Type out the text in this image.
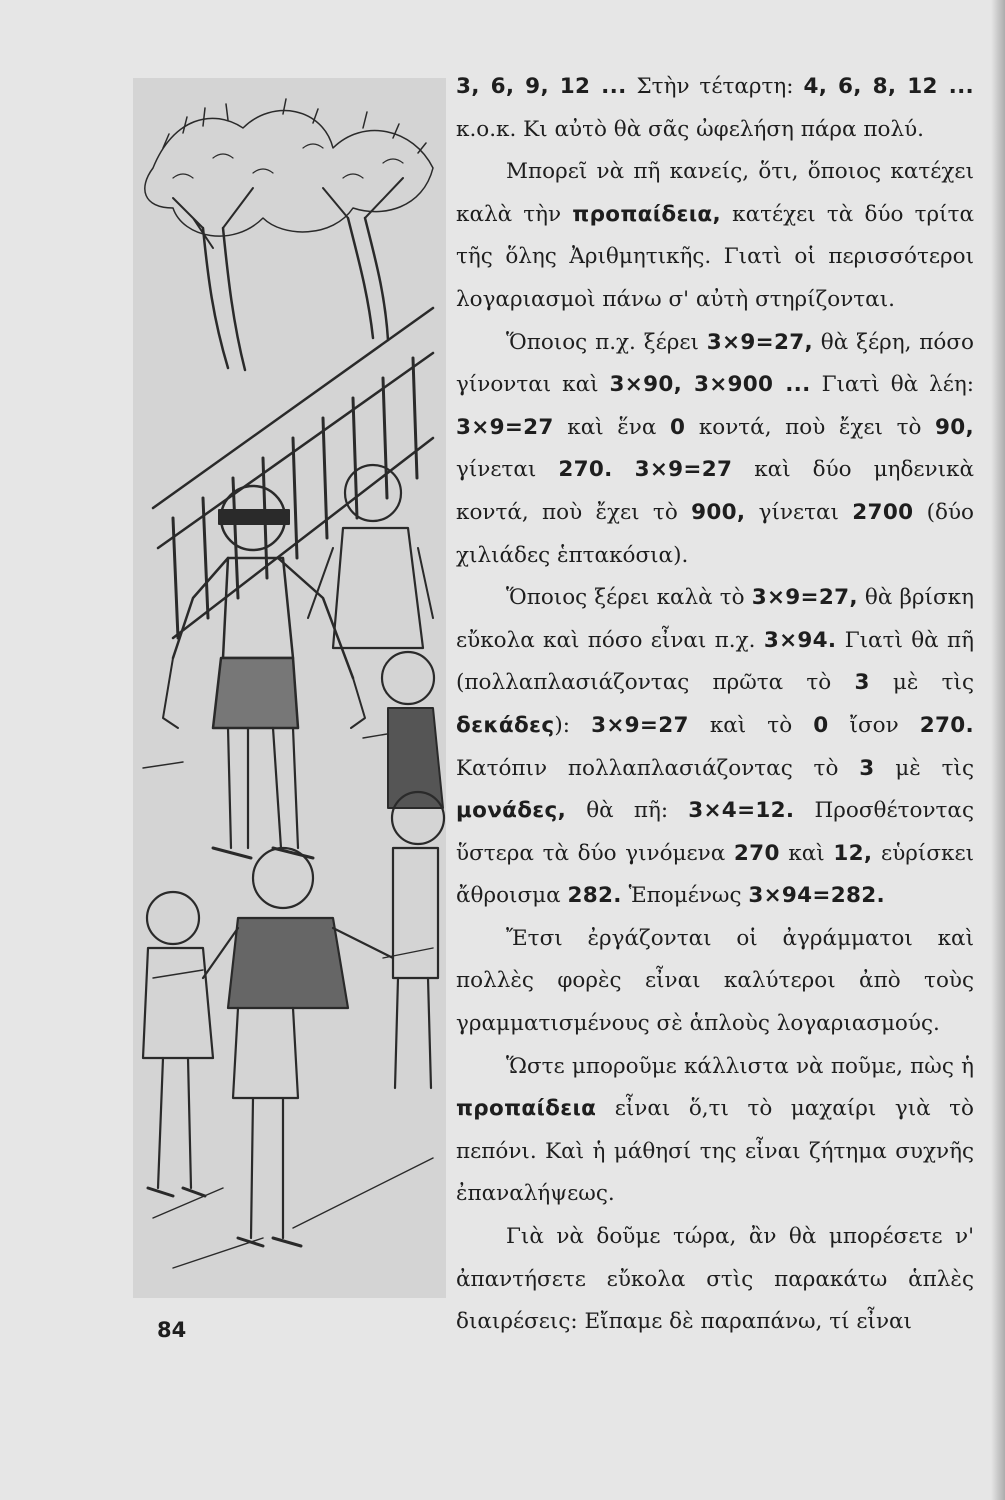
3, 6, 9, 12 ... Στὴν τέταρτη: 4, 6, 8, 12 ... κ.ο.κ. Κι αὐτὸ θὰ σᾶς ὠφελήση πάρα πολύ.

Μπορεῖ νὰ πῆ κανείς, ὅτι, ὅποιος κατέχει καλὰ τὴν προπαίδεια, κατέχει τὰ δύο τρίτα τῆς ὅλης Ἀριθμητικῆς. Γιατὶ οἱ περισσότεροι λογαριασμοὶ πάνω σ' αὐτὴ στηρίζονται.

Ὅποιος π.χ. ξέρει 3×9=27, θὰ ξέρη, πόσο γίνονται καὶ 3×90, 3×900 ... Γιατὶ θὰ λέη: 3×9=27 καὶ ἕνα 0 κοντά, ποὺ ἔχει τὸ 90, γίνεται 270. 3×9=27 καὶ δύο μηδενικὰ κοντά, ποὺ ἔχει τὸ 900, γίνεται 2700 (δύο χιλιάδες ἑπτακόσια).

Ὅποιος ξέρει καλὰ τὸ 3×9=27, θὰ βρίσκη εὔκολα καὶ πόσο εἶναι π.χ. 3×94. Γιατὶ θὰ πῆ (πολλαπλασιάζοντας πρῶτα τὸ 3 μὲ τὶς δεκάδες): 3×9=27 καὶ τὸ 0 ἴσον 270. Κατόπιν πολλαπλασιάζοντας τὸ 3 μὲ τὶς μονάδες, θὰ πῆ: 3×4=12. Προσθέτοντας ὕστερα τὰ δύο γινόμενα 270 καὶ 12, εὑρίσκει ἄθροισμα 282. Ἑπομένως 3×94=282.

Ἔτσι ἐργάζονται οἱ ἀγράμματοι καὶ πολλὲς φορὲς εἶναι καλύτεροι ἀπὸ τοὺς γραμματισμένους σὲ ἁπλοὺς λογαριασμούς.

Ὥστε μποροῦμε κάλλιστα νὰ ποῦμε, πὼς ἡ προπαίδεια εἶναι ὅ,τι τὸ μαχαίρι γιὰ τὸ πεπόνι. Καὶ ἡ μάθησί της εἶναι ζήτημα συχνῆς ἐπαναλήψεως.

Γιὰ νὰ δοῦμε τώρα, ἂν θὰ μπορέσετε ν' ἀπαντήσετε εὔκολα στὶς παρακάτω ἁπλὲς διαιρέσεις: Εἴπαμε δὲ παραπάνω, τί εἶναι

84
